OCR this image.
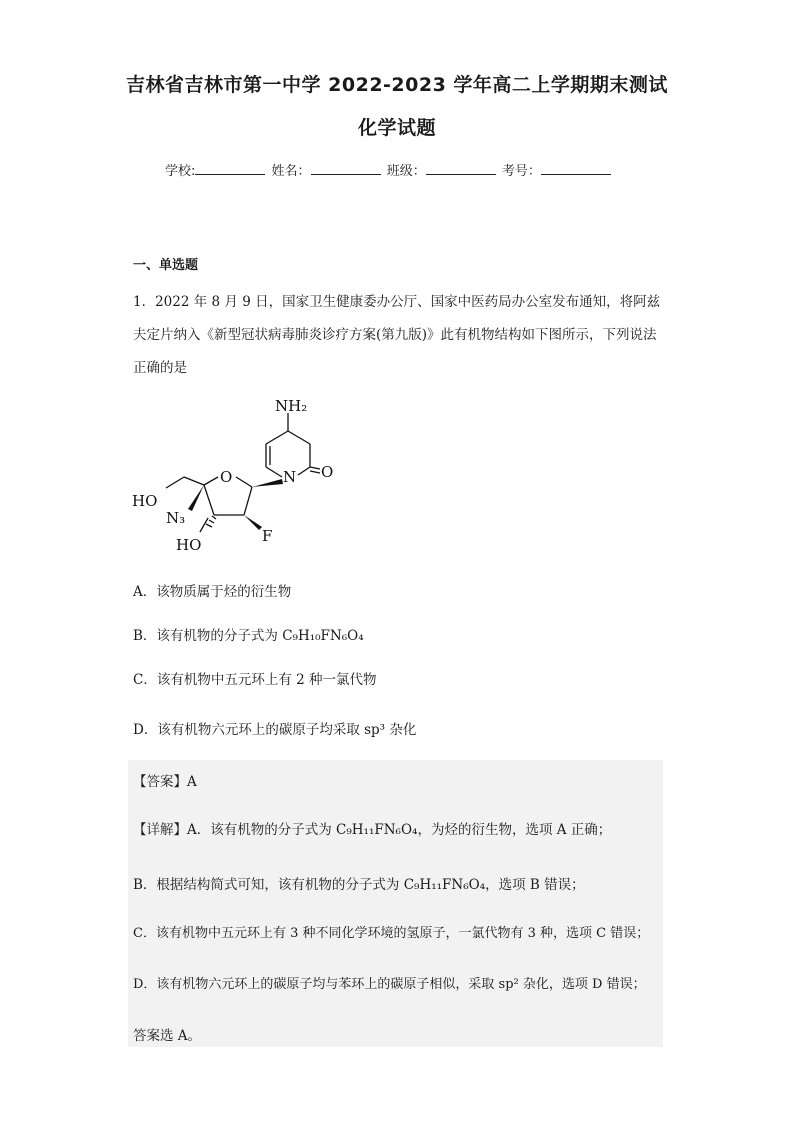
吉林省吉林市第一中学 2022-2023 学年高二上学期期末测试
化学试题
学校:	姓名：	班级：	考号：
一、单选题
1．2022 年 8 月 9 日，国家卫生健康委办公厅、国家中医药局办公室发布通知，将阿兹夫定片纳入《新型冠状病毒肺炎诊疗方案(第九版)》此有机物结构如下图所示，下列说法正确的是
NH₂
O
N
O
HO
N₃
HO	F
A．该物质属于烃的衍生物
B．该有机物的分子式为 C₉H₁₀FN₆O₄
C．该有机物中五元环上有 2 种一氯代物
D．该有机物六元环上的碳原子均采取 sp³ 杂化
【答案】A
【详解】A．该有机物的分子式为 C₉H₁₁FN₆O₄，为烃的衍生物，选项 A 正确；
B．根据结构简式可知，该有机物的分子式为 C₉H₁₁FN₆O₄，选项 B 错误；
C．该有机物中五元环上有 3 种不同化学环境的氢原子，一氯代物有 3 种，选项 C 错误；
D．该有机物六元环上的碳原子均与苯环上的碳原子相似，采取 sp² 杂化，选项 D 错误；
答案选 A。
